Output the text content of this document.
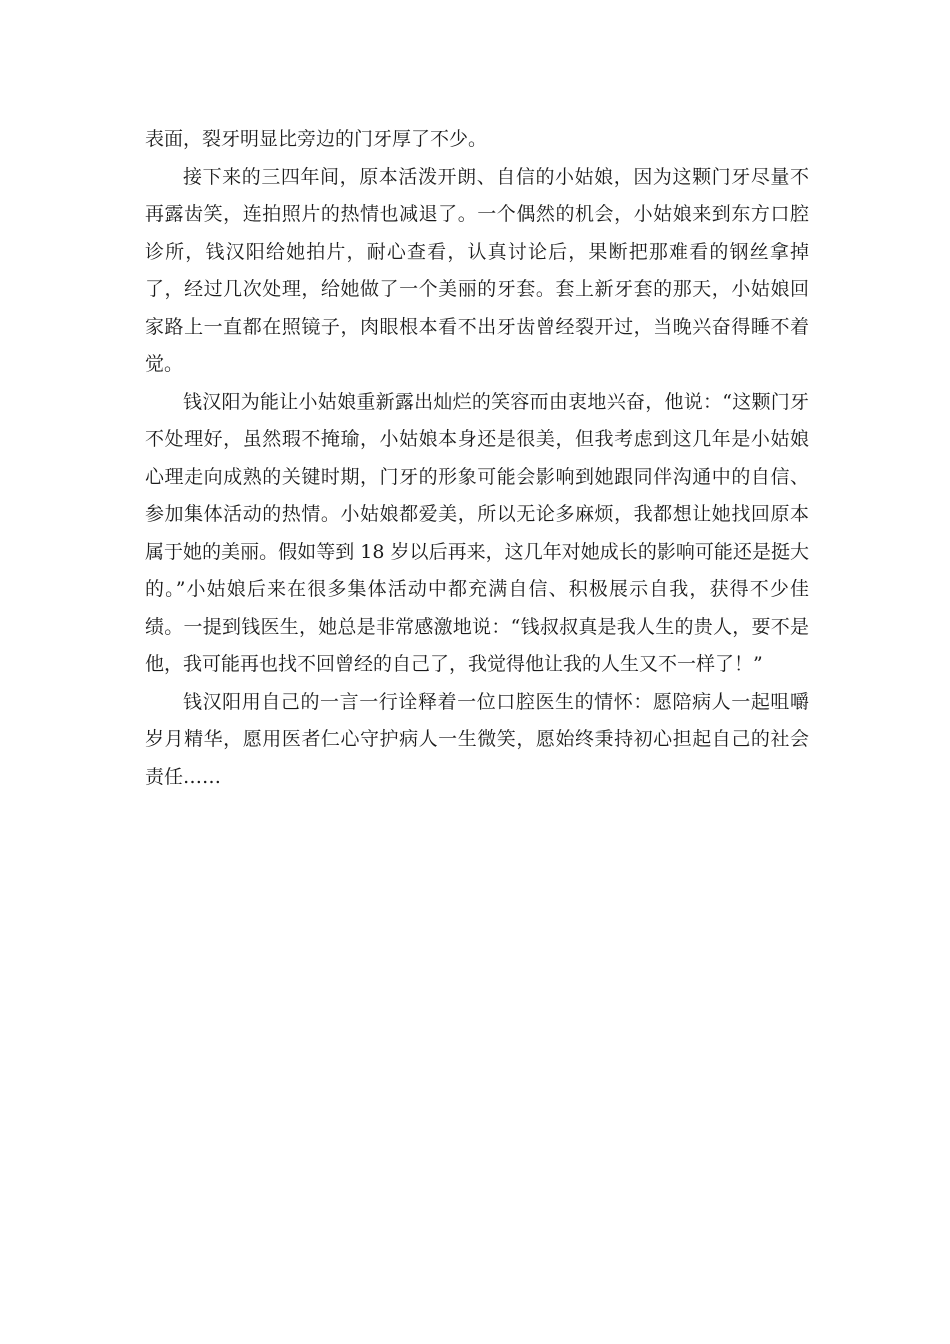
表面，裂牙明显比旁边的门牙厚了不少。

接下来的三四年间，原本活泼开朗、自信的小姑娘，因为这颗门牙尽量不再露齿笑，连拍照片的热情也减退了。一个偶然的机会，小姑娘来到东方口腔诊所，钱汉阳给她拍片，耐心查看，认真讨论后，果断把那难看的钢丝拿掉了，经过几次处理，给她做了一个美丽的牙套。套上新牙套的那天，小姑娘回家路上一直都在照镜子，肉眼根本看不出牙齿曾经裂开过，当晚兴奋得睡不着觉。

钱汉阳为能让小姑娘重新露出灿烂的笑容而由衷地兴奋，他说：“这颗门牙不处理好，虽然瑕不掩瑜，小姑娘本身还是很美，但我考虑到这几年是小姑娘心理走向成熟的关键时期，门牙的形象可能会影响到她跟同伴沟通中的自信、参加集体活动的热情。小姑娘都爱美，所以无论多麻烦，我都想让她找回原本属于她的美丽。假如等到 18 岁以后再来，这几年对她成长的影响可能还是挺大的。”小姑娘后来在很多集体活动中都充满自信、积极展示自我，获得不少佳绩。一提到钱医生，她总是非常感激地说：“钱叔叔真是我人生的贵人，要不是他，我可能再也找不回曾经的自己了，我觉得他让我的人生又不一样了！”

钱汉阳用自己的一言一行诠释着一位口腔医生的情怀：愿陪病人一起咀嚼岁月精华，愿用医者仁心守护病人一生微笑，愿始终秉持初心担起自己的社会责任……
